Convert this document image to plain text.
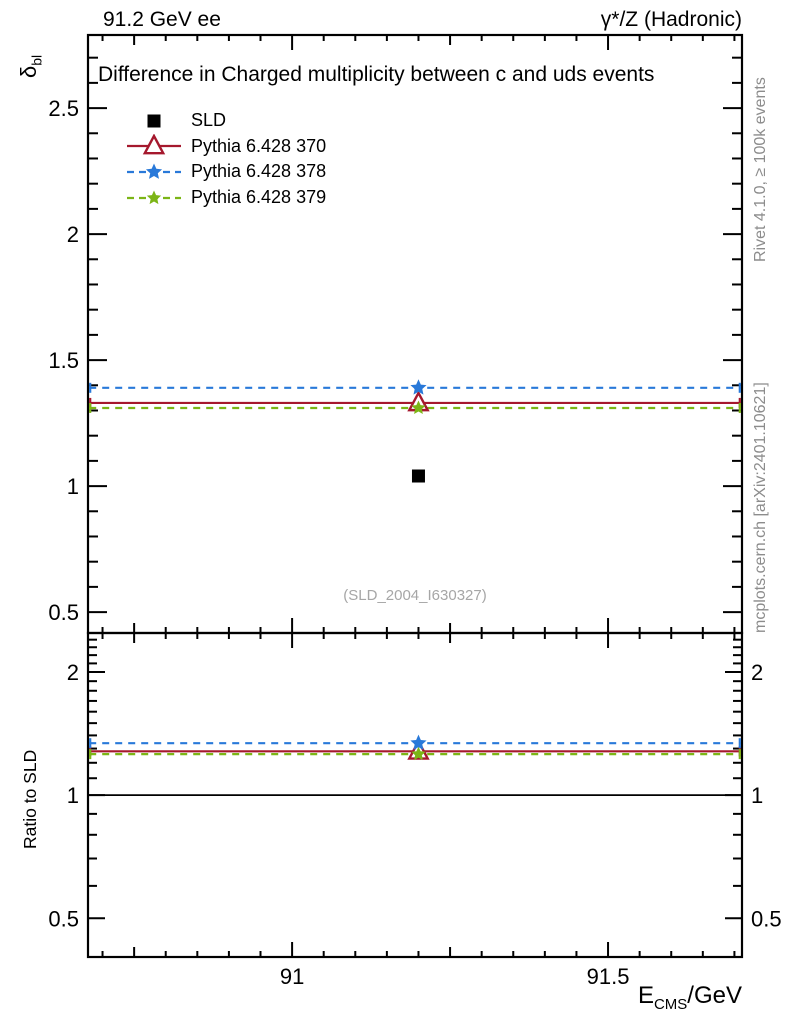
0.5
1
1.5
2
2.5
0.5	0.5
1	1
2	2
91	91.5
91.2 GeV ee	γ*/Z (Hadronic)
$\delta_{bl}$
Rivet 4.1.0, ≥ 100k events
mcplots.cern.ch [arXiv:2401.10621]
Difference in Charged multiplicity between c and uds events
(SLD_2004_I630327)
Ratio to SLD
$E_{CMS}$/GeV
SLD
Pythia 6.428 370
Pythia 6.428 378
Pythia 6.428 379
